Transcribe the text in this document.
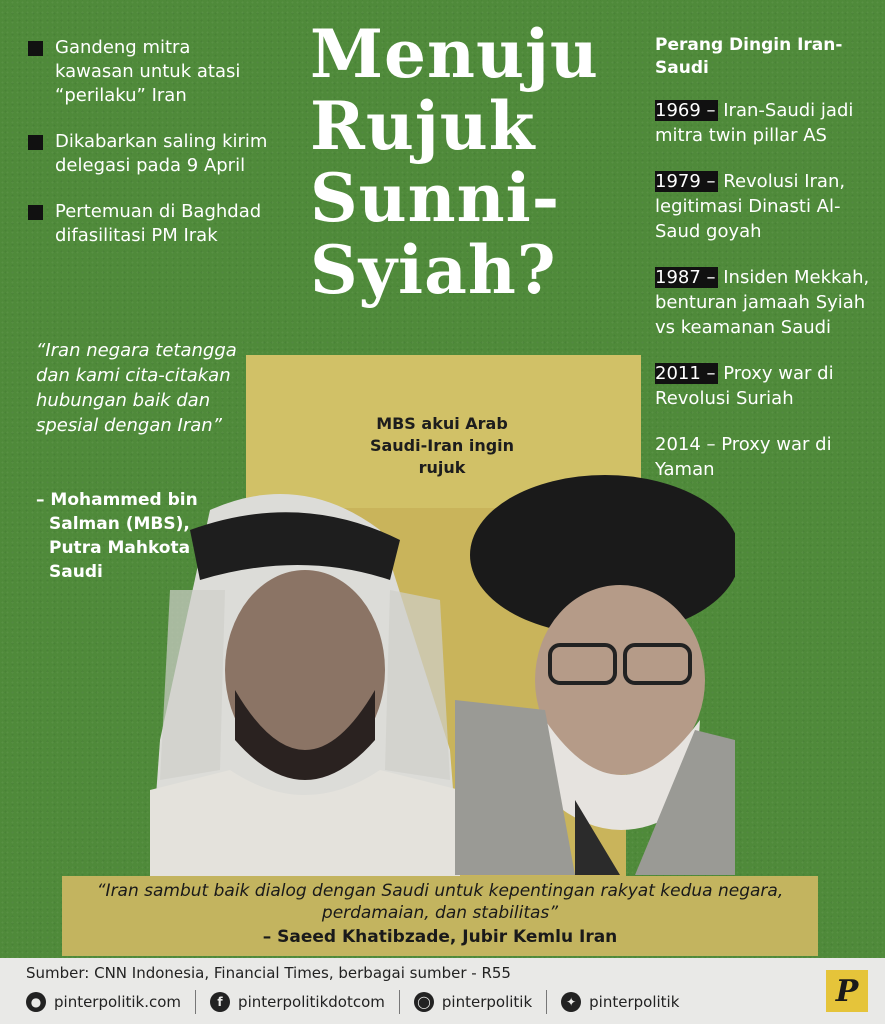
Gandeng mitra kawasan untuk atasi “perilaku” Iran
Dikabarkan saling kirim delegasi pada 9 April
Pertemuan di Baghdad difasilitasi PM Irak
“Iran negara tetangga dan kami cita-citakan hubungan baik dan spesial dengan Iran”
– Mohammed bin
Salman (MBS), Putra Mahkota Saudi
Menuju
Rujuk
Sunni-
Syiah?
MBS akui Arab Saudi-Iran ingin rujuk
Perang Dingin Iran-Saudi
1969 – Iran-Saudi jadi mitra twin pillar AS
1979 – Revolusi Iran, legitimasi Dinasti Al-Saud goyah
1987 – Insiden Mekkah, benturan jamaah Syiah vs keamanan Saudi
2011 – Proxy war di Revolusi Suriah
2014 – Proxy war di Yaman
“Iran sambut baik dialog dengan Saudi untuk kepentingan rakyat kedua negara, perdamaian, dan stabilitas”
– Saeed Khatibzade, Jubir Kemlu Iran
Sumber: CNN Indonesia, Financial Times, berbagai sumber - R55
● pinterpolitik.com	f	pinterpolitikdotcom	◯ pinterpolitik	✦ pinterpolitik	P
